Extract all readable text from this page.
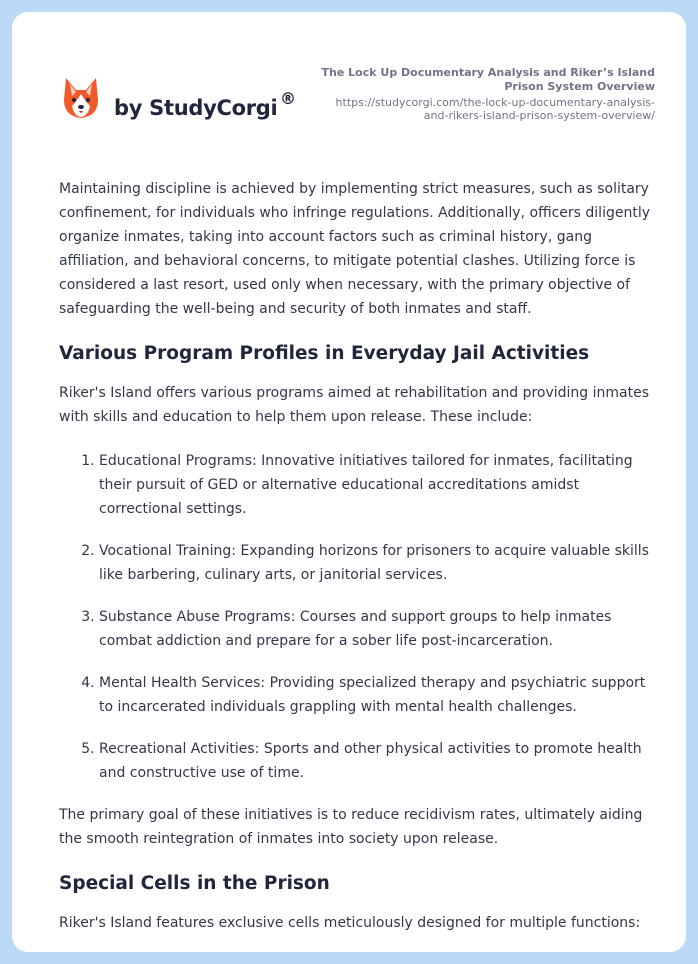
by StudyCorgi ®
The Lock Up Documentary Analysis and Riker’s Island Prison System Overview
https://studycorgi.com/the-lock-up-documentary-analysis-and-rikers-island-prison-system-overview/

Maintaining discipline is achieved by implementing strict measures, such as solitary confinement, for individuals who infringe regulations. Additionally, officers diligently organize inmates, taking into account factors such as criminal history, gang affiliation, and behavioral concerns, to mitigate potential clashes. Utilizing force is considered a last resort, used only when necessary, with the primary objective of safeguarding the well-being and security of both inmates and staff.

Various Program Profiles in Everyday Jail Activities

Riker's Island offers various programs aimed at rehabilitation and providing inmates with skills and education to help them upon release. These include:

1. Educational Programs: Innovative initiatives tailored for inmates, facilitating their pursuit of GED or alternative educational accreditations amidst correctional settings.
2. Vocational Training: Expanding horizons for prisoners to acquire valuable skills like barbering, culinary arts, or janitorial services.
3. Substance Abuse Programs: Courses and support groups to help inmates combat addiction and prepare for a sober life post-incarceration.
4. Mental Health Services: Providing specialized therapy and psychiatric support to incarcerated individuals grappling with mental health challenges.
5. Recreational Activities: Sports and other physical activities to promote health and constructive use of time.

The primary goal of these initiatives is to reduce recidivism rates, ultimately aiding the smooth reintegration of inmates into society upon release.

Special Cells in the Prison

Riker's Island features exclusive cells meticulously designed for multiple functions:
